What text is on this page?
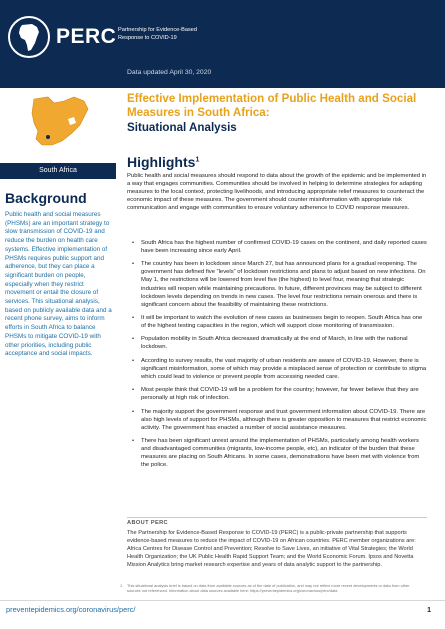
PERC Partnership for Evidence-Based
Response to COVID-19
Data updated April 30, 2020
South Africa
Background
Public health and social measures (PHSMs) are an important strategy to slow transmission of COVID-19 and reduce the burden on health care systems. Effective implementation of PHSMs requires public support and adherence, but they can place a significant burden on people, especially when they restrict movement or entail the closure of services. This situational analysis, based on publicly available data and a recent phone survey, aims to inform efforts in South Africa to balance PHSMs to mitigate COVID-19 with other priorities, including public acceptance and social impacts.
Effective Implementation of Public Health and Social Measures in South Africa:
Situational Analysis
Highlights$^1$
Public health and social measures should respond to data about the growth of the epidemic and be implemented in a way that engages communities. Communities should be involved in helping to determine strategies for adapting measures to the local context, protecting livelihoods, and introducing appropriate relief measures to counteract the economic impact of these measures. The government should counter misinformation with appropriate risk communication and engage with communities to ensure voluntary adherence to COVID response measures.
• South Africa has the highest number of confirmed COVID-19 cases on the continent, and daily reported cases have been increasing since early April.
• The country has been in lockdown since March 27, but has announced plans for a gradual reopening. The government has defined five “levels” of lockdown restrictions and plans to adjust based on new infections. On May 1, the restrictions will be lowered from level five (the highest) to level four, meaning that strategic industries will reopen while maintaining precautions. In future, different provinces may be subject to different lockdown levels depending on trends in new cases. The level four restrictions remain onerous and there is significant concern about the feasibility of maintaining these restrictions.
• It will be important to watch the evolution of new cases as businesses begin to reopen. South Africa has one of the highest testing capacities in the region, which will support close monitoring of transmission.
• Population mobility in South Africa decreased dramatically at the end of March, in line with the national lockdown.
• According to survey results, the vast majority of urban residents are aware of COVID-19. However, there is significant misinformation, some of which may provide a misplaced sense of protection or contribute to stigma which could lead to violence or prevent people from accessing needed care.
• Most people think that COVID-19 will be a problem for the country; however, far fewer believe that they are personally at high risk of infection.
• The majority support the government response and trust government information about COVID-19. There are also high levels of support for PHSMs, although there is greater opposition to measures that restrict economic activity. The government has enacted a number of social assistance measures.
• There has been significant unrest around the implementation of PHSMs, particularly among health workers and disadvantaged communities (migrants, low-income people, etc), an indicator of the burden that these measures are placing on South Africans. In some cases, demonstrations have been met with violence from the police.
ABOUT PERC
The Partnership for Evidence-Based Response to COVID-19 (PERC) is a public-private partnership that supports evidence-based measures to reduce the impact of COVID-19 on African countries. PERC member organizations are: Africa Centres for Disease Control and Prevention; Resolve to Save Lives, an initiative of Vital Strategies; the World Health Organization; the UK Public Health Rapid Support Team; and the World Economic Forum. Ipsos and Novetta Mission Analytics bring market research expertise and years of data analytic support to the partnership.
1 This situational analysis brief is based on data from available sources as of the date of publication, and may not reflect more recent developments or data from other sources not referenced. Information about data sources available here: https://preventepidemics.org/coronavirus/perc/data
preventepidemics.org/coronavirus/perc/	1
